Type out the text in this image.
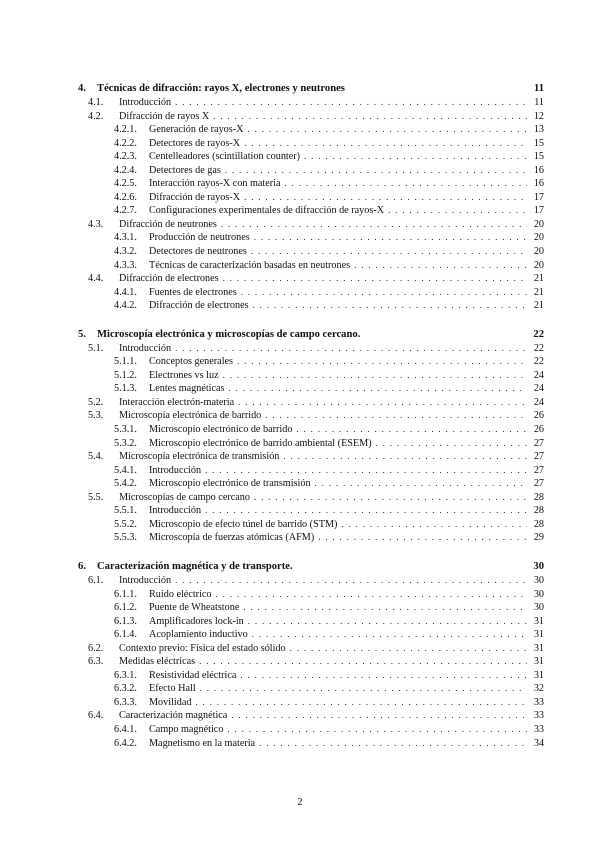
4.	Técnicas de difracción: rayos X, electrones y neutrones	11
4.1.	Introducción . . .	11
4.2.	Difracción de rayos X . . .	12
4.2.1.	Generación de rayos-X . . .	13
4.2.2.	Detectores de rayos-X . . .	15
4.2.3.	Centelleadores (scintillation counter) . . .	15
4.2.4.	Detectores de gas . . .	16
4.2.5.	Interacción rayos-X con materia . . .	16
4.2.6.	Difracción de rayos-X . . .	17
4.2.7.	Configuraciones experimentales de difracción de rayos-X . . .	17
4.3.	Difracción de neutrones . . .	20
4.3.1.	Producción de neutrones . . .	20
4.3.2.	Detectores de neutrones . . .	20
4.3.3.	Técnicas de caracterización basadas en neutrones . . .	20
4.4.	Difracción de electrones . . .	21
4.4.1.	Fuentes de electrones . . .	21
4.4.2.	Difracción de electrones . . .	21
5.	Microscopía electrónica y microscopías de campo cercano.	22
5.1.	Introducción . . .	22
5.1.1.	Conceptos generales . . .	22
5.1.2.	Electrones vs luz . . .	24
5.1.3.	Lentes magnéticas . . .	24
5.2.	Interacción electrón-materia . . .	24
5.3.	Microscopía electrónica de barrido . . .	26
5.3.1.	Microscopio electrónico de barrido . . .	26
5.3.2.	Microscopio electrónico de barrido ambiental (ESEM) . . .	27
5.4.	Microscopía electrónica de transmisión . . .	27
5.4.1.	Introducción . . .	27
5.4.2.	Microscopio electrónico de transmisión . . .	27
5.5.	Microscopías de campo cercano . . .	28
5.5.1.	Introducción . . .	28
5.5.2.	Microscopio de efecto túnel de barrido (STM) . . .	28
5.5.3.	Microscopía de fuerzas atómicas (AFM) . . .	29
6.	Caracterización magnética y de transporte.	30
6.1.	Introducción . . .	30
6.1.1.	Ruido eléctrico . . .	30
6.1.2.	Puente de Wheatstone . . .	30
6.1.3.	Amplificadores lock-in . . .	31
6.1.4.	Acoplamiento inductivo . . .	31
6.2.	Contexto previo: Física del estado sólido . . .	31
6.3.	Medidas eléctricas . . .	31
6.3.1.	Resistividad eléctrica . . .	31
6.3.2.	Efecto Hall . . .	32
6.3.3.	Movilidad . . .	33
6.4.	Caracterización magnética . . .	33
6.4.1.	Campo magnético . . .	33
6.4.2.	Magnetismo en la materia . . .	34
2
